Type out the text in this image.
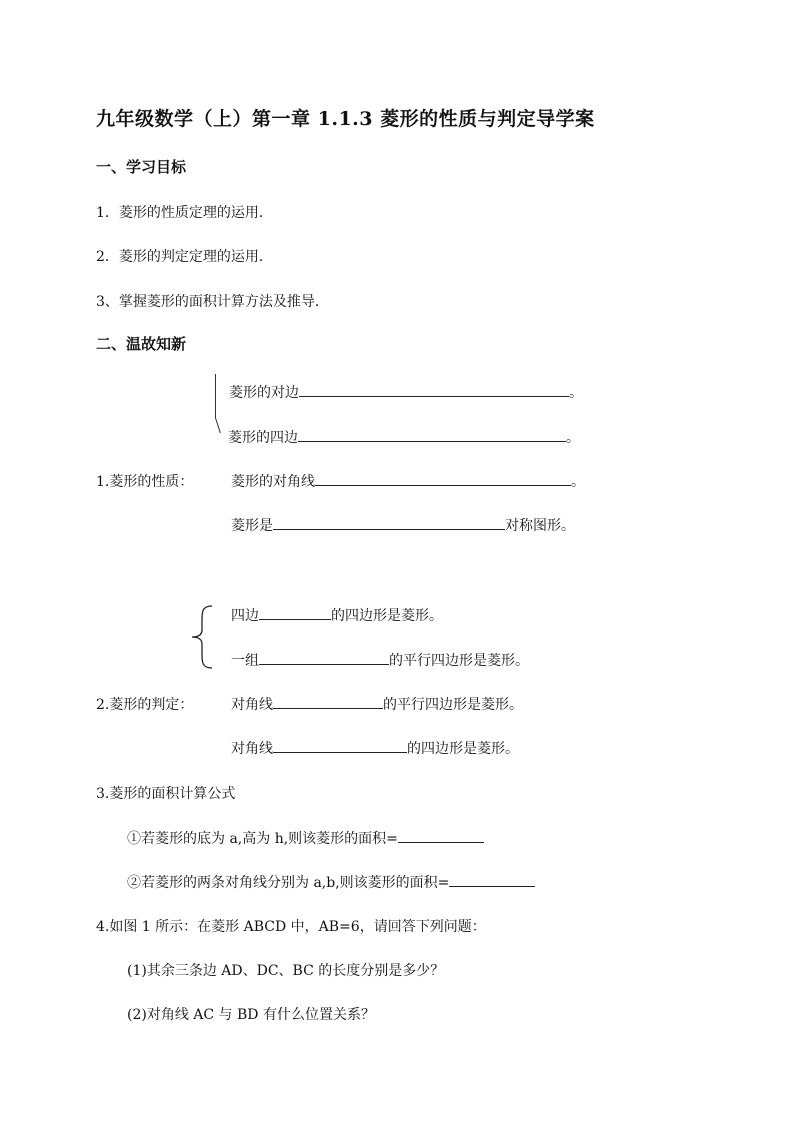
九年级数学（上）第一章 1.1.3 菱形的性质与判定导学案
一、学习目标
1．菱形的性质定理的运用．
2．菱形的判定定理的运用．
3、掌握菱形的面积计算方法及推导．
二、温故知新
菱形的对边	。
菱形的四边	。
1.菱形的性质：	菱形的对角线	。
菱形是	对称图形。
四边	的四边形是菱形。
一组	的平行四边形是菱形。
2.菱形的判定：	对角线	的平行四边形是菱形。
对角线	的四边形是菱形。
3.菱形的面积计算公式
①若菱形的底为 a,高为 h,则该菱形的面积=
②若菱形的两条对角线分别为 a,b,则该菱形的面积=
4.如图 1 所示：在菱形 ABCD 中，AB=6，请回答下列问题：
(1)其余三条边 AD、DC、BC 的长度分别是多少？
(2)对角线 AC 与 BD 有什么位置关系？
